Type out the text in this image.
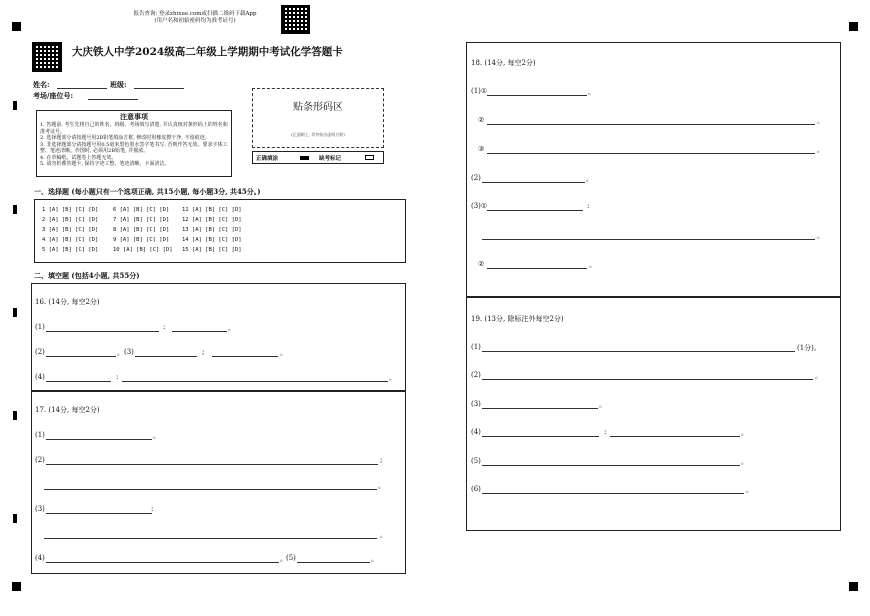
报告查询: 登录zhixue.com或扫描二维码下载App
(用户名和初始密码均为准考证号)
大庆铁人中学2024级高二年级上学期期中考试化学答题卡
姓名:	班级:
考场/座位号:
注意事项
1. 答题前, 考生先将自己的姓名、班级、考场填写清楚, 并认真核对条形码上的姓名和准考证号。
2. 选择题部分请按题号用2B铅笔填涂方框, 修改时用橡皮擦干净, 不留痕迹。
3. 非选择题部分请按题号用0.5毫米黑色墨水签字笔书写, 否则作答无效。要求字体工整、笔迹清晰。作图时, 必须用2B铅笔, 并描浓。
4. 在草稿纸、试题卷上答题无效。
5. 请勿折叠答题卡, 保持字迹工整、笔迹清晰、卡面清洁。
贴条形码区
(正面朝上, 切勿贴出虚线方框)
正确填涂	缺考标记
一、选择题 (每小题只有一个选项正确, 共15小题, 每小题3分, 共45分。)
1 [A] [B] [C] [D]	6 [A] [B] [C] [D] 11 [A] [B] [C] [D]
2 [A] [B] [C] [D]	7 [A] [B] [C] [D] 12 [A] [B] [C] [D]
3 [A] [B] [C] [D]	8 [A] [B] [C] [D] 13 [A] [B] [C] [D]
4 [A] [B] [C] [D]	9 [A] [B] [C] [D] 14 [A] [B] [C] [D]
5 [A] [B] [C] [D]	10 [A] [B] [C] [D] 15 [A] [B] [C] [D]
二、填空题 (包括4小题, 共55分)
16. (14分, 每空2分)
(1)	:	。
(2)	。 (3)	;	。
(4)	:	。
17. (14分, 每空2分)
(1)	。
(2)	;
。
(3)	:
。
(4)	。 (5)	。
18. (14分, 每空2分)
(1)①	。
②	。
③	。
(2)	。
(3)①	:
。
②	。
19. (13分, 除标注外每空2分)
(1)	(1分)。
(2)	。
(3)	。
(4)	:	。
(5)	。
(6)	。
